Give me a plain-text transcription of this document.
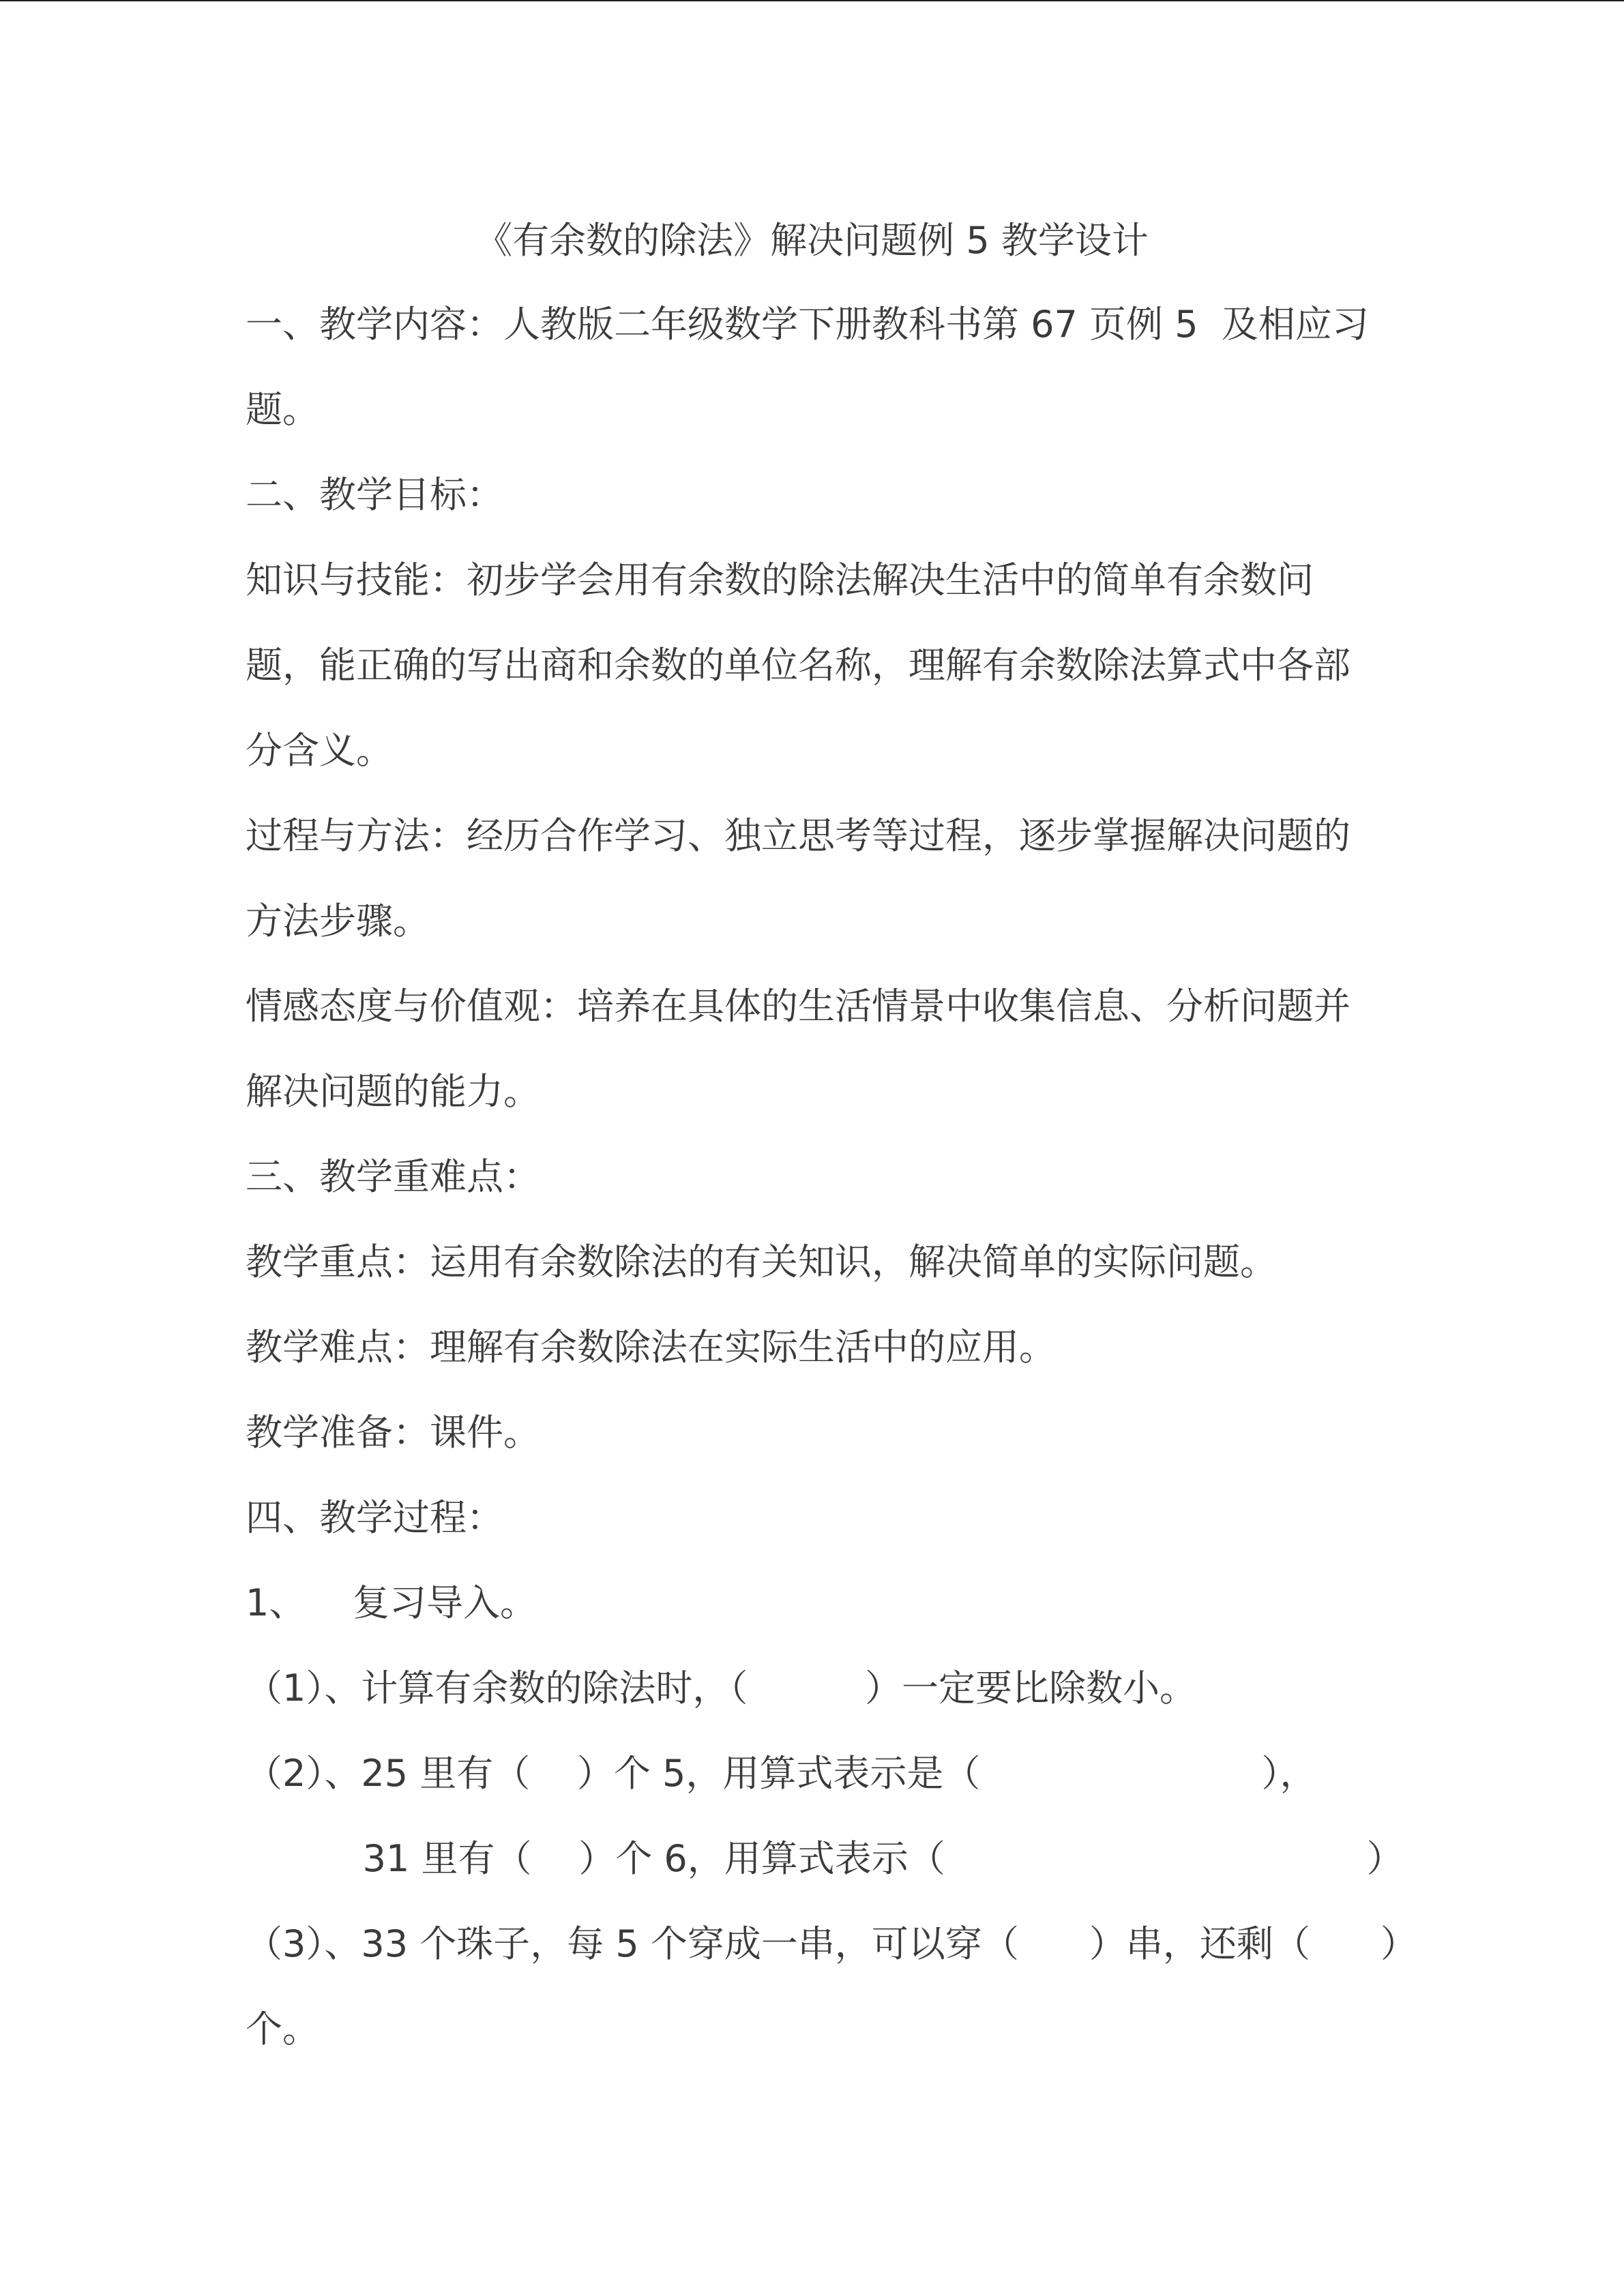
《有余数的除法》解决问题例 5 教学设计
一、教学内容：人教版二年级数学下册教科书第 67 页例 5  及相应习
题。
二、教学目标：
知识与技能：初步学会用有余数的除法解决生活中的简单有余数问
题，能正确的写出商和余数的单位名称，理解有余数除法算式中各部
分含义。
过程与方法：经历合作学习、独立思考等过程，逐步掌握解决问题的
方法步骤。
情感态度与价值观：培养在具体的生活情景中收集信息、分析问题并
解决问题的能力。
三、教学重难点：
教学重点：运用有余数除法的有关知识，解决简单的实际问题。
教学难点：理解有余数除法在实际生活中的应用。
教学准备：课件。
四、教学过程：
1、    复习导入。
（1）、计算有余数的除法时，（          ）一定要比除数小。
（2）、25 里有（    ）个 5，用算式表示是（                        ），
31 里有（    ）个 6，用算式表示（                                    ）
（3）、33 个珠子，每 5 个穿成一串，可以穿（      ）串，还剩（      ）
个。
